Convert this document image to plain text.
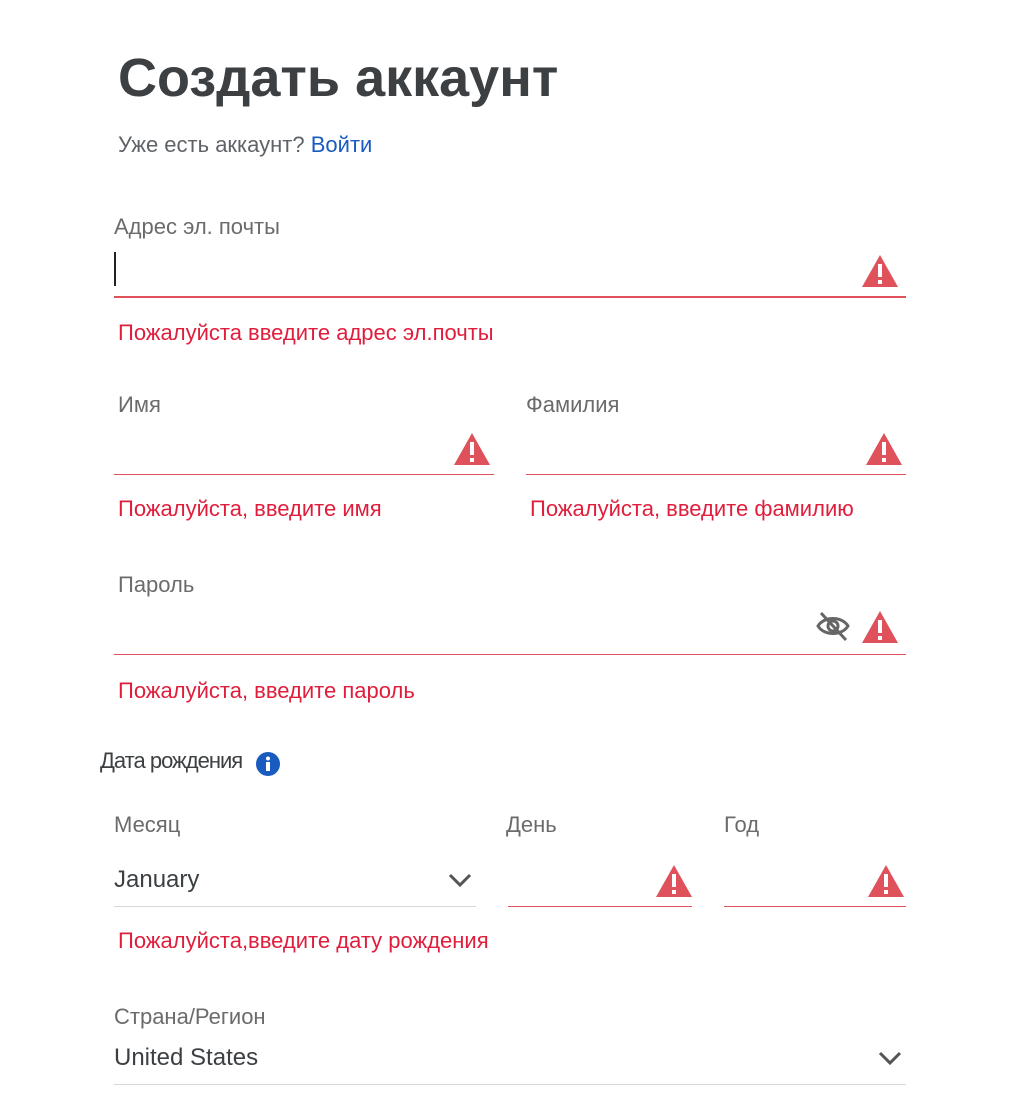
Создать аккаунт
Уже есть аккаунт? Войти
Адрес эл. почты
Пожалуйста введите адрес эл.почты
Имя
Пожалуйста, введите имя
Фамилия
Пожалуйста, введите фамилию
Пароль
Пожалуйста, введите пароль
Дата рождения
Месяц
January
День	Год
Пожалуйста,введите дату рождения
Страна/Регион
United States
